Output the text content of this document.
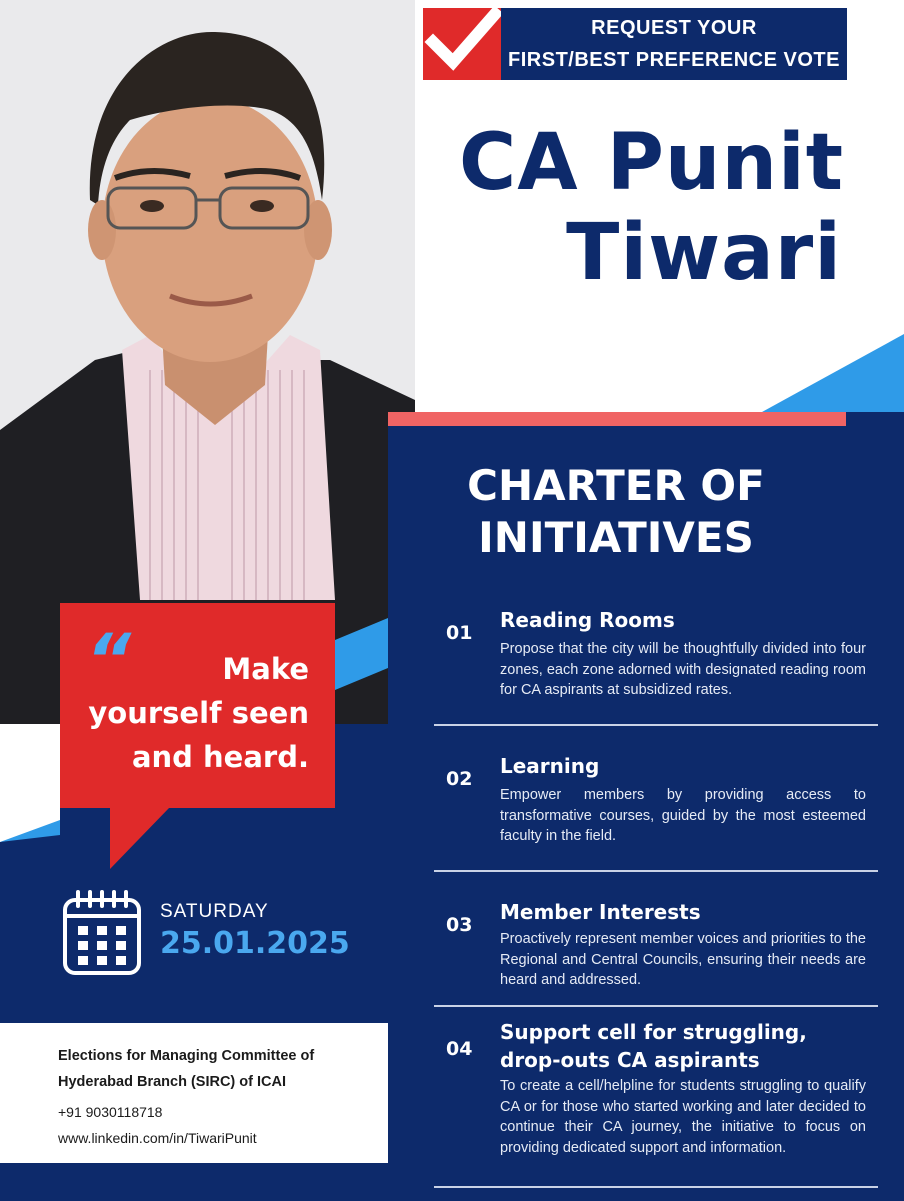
REQUEST YOUR
FIRST/BEST PREFERENCE VOTE
CA Punit
Tiwari
CHARTER OF
INITIATIVES
01
Reading Rooms
Propose that the city will be thoughtfully divided into four zones, each zone adorned with designated reading room for CA aspirants at subsidized rates.
02
Learning
Empower members by providing access to transformative courses, guided by the most esteemed faculty in the field.
03
Member Interests
Proactively represent member voices and priorities to the Regional and Central Councils, ensuring their needs are heard and addressed.
04
Support cell for struggling, drop-outs CA aspirants
To create a cell/helpline for students struggling to qualify CA or for those who started working and later decided to continue their CA journey, the initiative to focus on providing dedicated support and information.
“	Make
yourself seen
and heard.
SATURDAY
25.01.2025
Elections for Managing Committee of
Hyderabad Branch (SIRC) of ICAI
+91 9030118718
www.linkedin.com/in/TiwariPunit
